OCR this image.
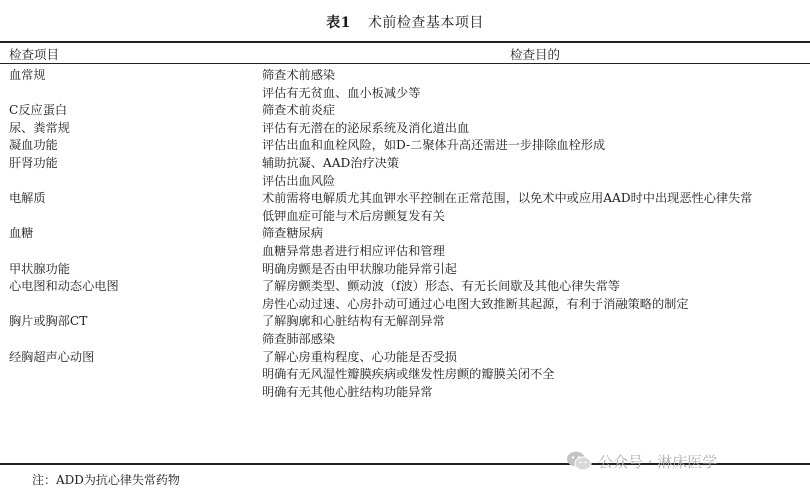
表1 术前检查基本项目
检查项目	检查目的
血常规	筛查术前感染
评估有无贫血、血小板减少等
C反应蛋白	筛查术前炎症
尿、粪常规	评估有无潜在的泌尿系统及消化道出血
凝血功能	评估出血和血栓风险，如D-二聚体升高还需进一步排除血栓形成
肝肾功能	辅助抗凝、AAD治疗决策
评估出血风险
电解质	术前需将电解质尤其血钾水平控制在正常范围，以免术中或应用AAD时中出现恶性心律失常
低钾血症可能与术后房颤复发有关
血糖	筛查糖尿病
血糖异常患者进行相应评估和管理
甲状腺功能	明确房颤是否由甲状腺功能异常引起
心电图和动态心电图	了解房颤类型、颤动波（f波）形态、有无长间歇及其他心律失常等
房性心动过速、心房扑动可通过心电图大致推断其起源，有利于消融策略的制定
胸片或胸部CT	了解胸廓和心脏结构有无解剖异常
筛查肺部感染
经胸超声心动图	了解心房重构程度、心功能是否受损
明确有无风湿性瓣膜疾病或继发性房颤的瓣膜关闭不全
明确有无其他心脏结构功能异常
注：ADD为抗心律失常药物
公众号 · 淋床医学
